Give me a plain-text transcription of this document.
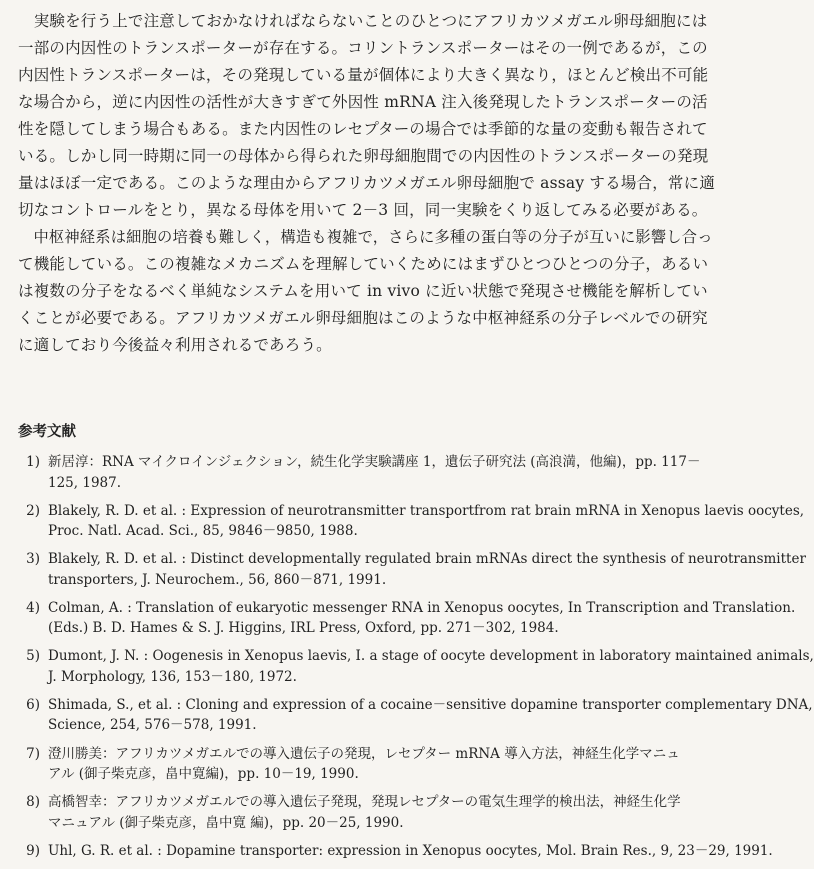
　実験を行う上で注意しておかなければならないことのひとつにアフリカツメガエル卵母細胞には
一部の内因性のトランスポーターが存在する。コリントランスポーターはその一例であるが，この
内因性トランスポーターは，その発現している量が個体により大きく異なり，ほとんど検出不可能
な場合から，逆に内因性の活性が大きすぎて外因性 mRNA 注入後発現したトランスポーターの活
性を隠してしまう場合もある。また内因性のレセプターの場合では季節的な量の変動も報告されて
いる。しかし同一時期に同一の母体から得られた卵母細胞間での内因性のトランスポーターの発現
量はほぼ一定である。このような理由からアフリカツメガエル卵母細胞で assay する場合，常に適
切なコントロールをとり，異なる母体を用いて 2－3 回，同一実験をくり返してみる必要がある。

　中枢神経系は細胞の培養も難しく，構造も複雑で，さらに多種の蛋白等の分子が互いに影響し合っ
て機能している。この複雑なメカニズムを理解していくためにはまずひとつひとつの分子，あるい
は複数の分子をなるべく単純なシステムを用いて in vivo に近い状態で発現させ機能を解析してい
くことが必要である。アフリカツメガエル卵母細胞はこのような中枢神経系の分子レベルでの研究
に適しており今後益々利用されるであろう。

参考文献
1) 新居淳：RNA マイクロインジェクション，続生化学実験講座 1，遺伝子研究法 (高浪満，他編)，pp. 117－
125, 1987.
2) Blakely, R. D. et al. : Expression of neurotransmitter transportfrom rat brain mRNA in Xenopus laevis oocytes,
Proc. Natl. Acad. Sci., 85, 9846－9850, 1988.
3) Blakely, R. D. et al. : Distinct developmentally regulated brain mRNAs direct the synthesis of neurotransmitter
transporters, J. Neurochem., 56, 860－871, 1991.
4) Colman, A. : Translation of eukaryotic messenger RNA in Xenopus oocytes, In Transcription and Translation.
(Eds.) B. D. Hames & S. J. Higgins, IRL Press, Oxford, pp. 271－302, 1984.
5) Dumont, J. N. : Oogenesis in Xenopus laevis, I. a stage of oocyte development in laboratory maintained animals,
J. Morphology, 136, 153－180, 1972.
6) Shimada, S., et al. : Cloning and expression of a cocaine－sensitive dopamine transporter complementary DNA,
Science, 254, 576－578, 1991.
7) 澄川勝美：アフリカツメガエルでの導入遺伝子の発現，レセプター mRNA 導入方法，神経生化学マニュ
アル (御子柴克彦，畠中寛編)，pp. 10－19, 1990.
8) 高橋智幸：アフリカツメガエルでの導入遺伝子発現，発現レセプターの電気生理学的検出法，神経生化学
マニュアル (御子柴克彦，畠中寛 編)，pp. 20－25, 1990.
9) Uhl, G. R. et al. : Dopamine transporter: expression in Xenopus oocytes, Mol. Brain Res., 9, 23－29, 1991.
